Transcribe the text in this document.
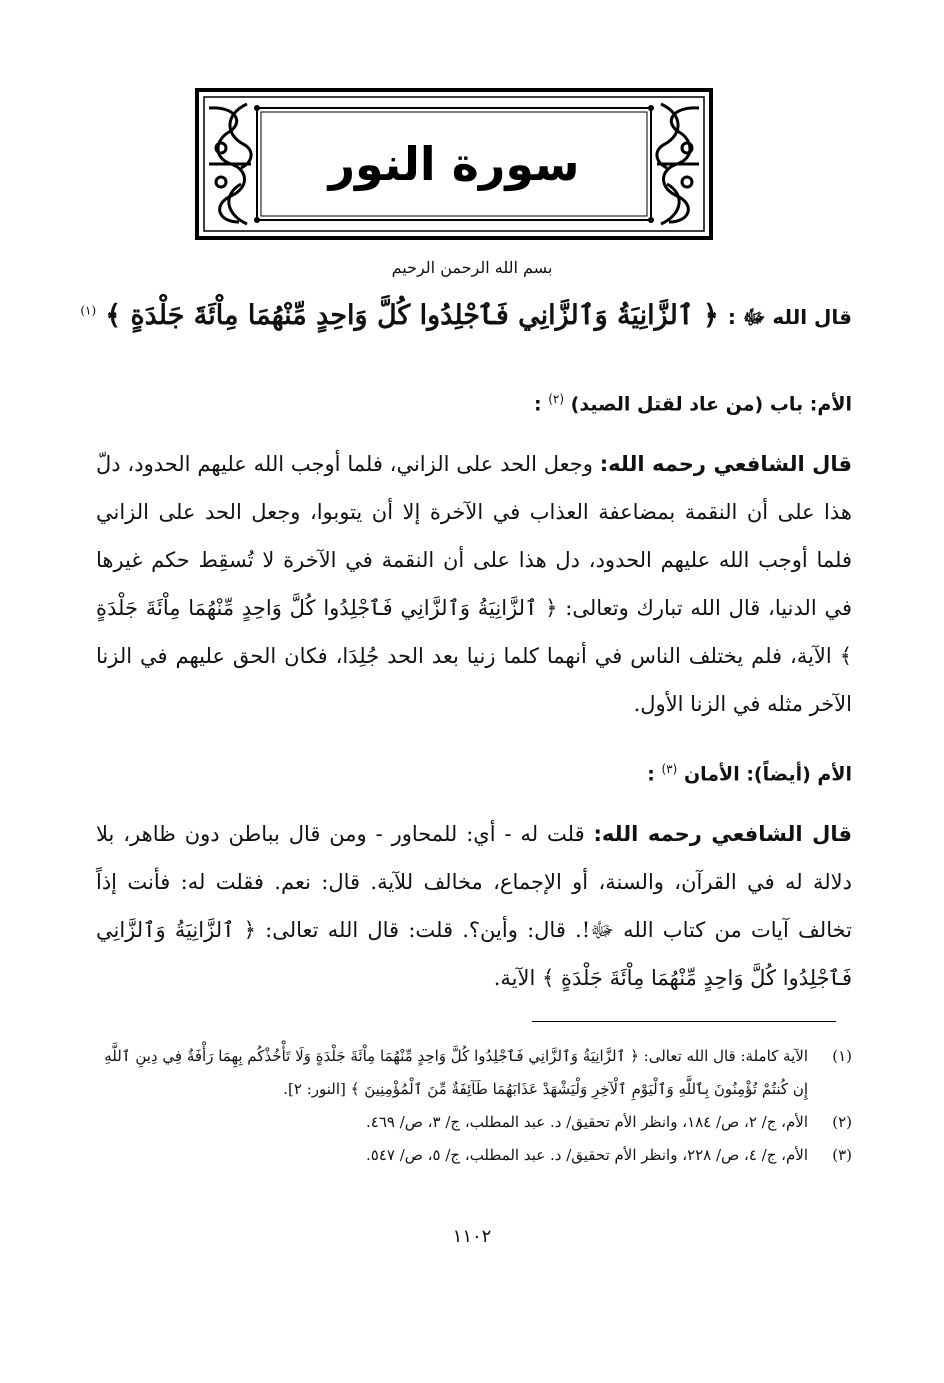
سورة النور
بسم الله الرحمن الرحيم
قال الله ﷻ : ﴿ ٱلزَّانِيَةُ وَٱلزَّانِي فَٱجْلِدُوا كُلَّ وَاحِدٍ مِّنْهُمَا مِاْئَةَ جَلْدَةٍ ﴾ $^{(١)}$
الأم: باب (من عاد لقتل الصيد) $^{(٢)}$ :
قال الشافعي رحمه الله: وجعل الحد على الزاني، فلما أوجب الله عليهم الحدود، دلّ هذا على أن النقمة بمضاعفة العذاب في الآخرة إلا أن يتوبوا، وجعل الحد على الزاني فلما أوجب الله عليهم الحدود، دل هذا على أن النقمة في الآخرة لا تُسقِط حكم غيرها في الدنيا، قال الله تبارك وتعالى: ﴿ ٱلزَّانِيَةُ وَٱلزَّانِي فَٱجْلِدُوا كُلَّ وَاحِدٍ مِّنْهُمَا مِاْئَةَ جَلْدَةٍ ﴾ الآية، فلم يختلف الناس في أنهما كلما زنيا بعد الحد جُلِدَا، فكان الحق عليهم في الزنا الآخر مثله في الزنا الأول.
الأم (أيضاً): الأمان $^{(٣)}$ :
قال الشافعي رحمه الله: قلت له - أي: للمحاور - ومن قال بباطن دون ظاهر، بلا دلالة له في القرآن، والسنة، أو الإجماع، مخالف للآية. قال: نعم. فقلت له: فأنت إذاً تخالف آيات من كتاب الله ﷻ!. قال: وأين؟. قلت: قال الله تعالى: ﴿ ٱلزَّانِيَةُ وَٱلزَّانِي فَٱجْلِدُوا كُلَّ وَاحِدٍ مِّنْهُمَا مِاْئَةَ جَلْدَةٍ ﴾ الآية.
(١)
الآية كاملة: قال الله تعالى: ﴿ ٱلزَّانِيَةُ وَٱلزَّانِي فَٱجْلِدُوا كُلَّ وَاحِدٍ مِّنْهُمَا مِاْئَةَ جَلْدَةٍ وَلَا تَأْخُذْكُم بِهِمَا رَأْفَةٌ فِي دِينِ ٱللَّهِ إِن كُنتُمْ تُؤْمِنُونَ بِٱللَّهِ وَٱلْيَوْمِ ٱلْآخِرِ وَلْيَشْهَدْ عَذَابَهُمَا طَآئِفَةٌ مِّنَ ٱلْمُؤْمِنِينَ ﴾ [النور: ٢].
(٢)
الأم، ج/ ٢، ص/ ١٨٤، وانظر الأم تحقيق/ د. عبد المطلب، ج/ ٣، ص/ ٤٦٩.
(٣)
الأم، ج/ ٤، ص/ ٢٢٨، وانظر الأم تحقيق/ د. عبد المطلب، ج/ ٥، ص/ ٥٤٧.
١١٠٢
